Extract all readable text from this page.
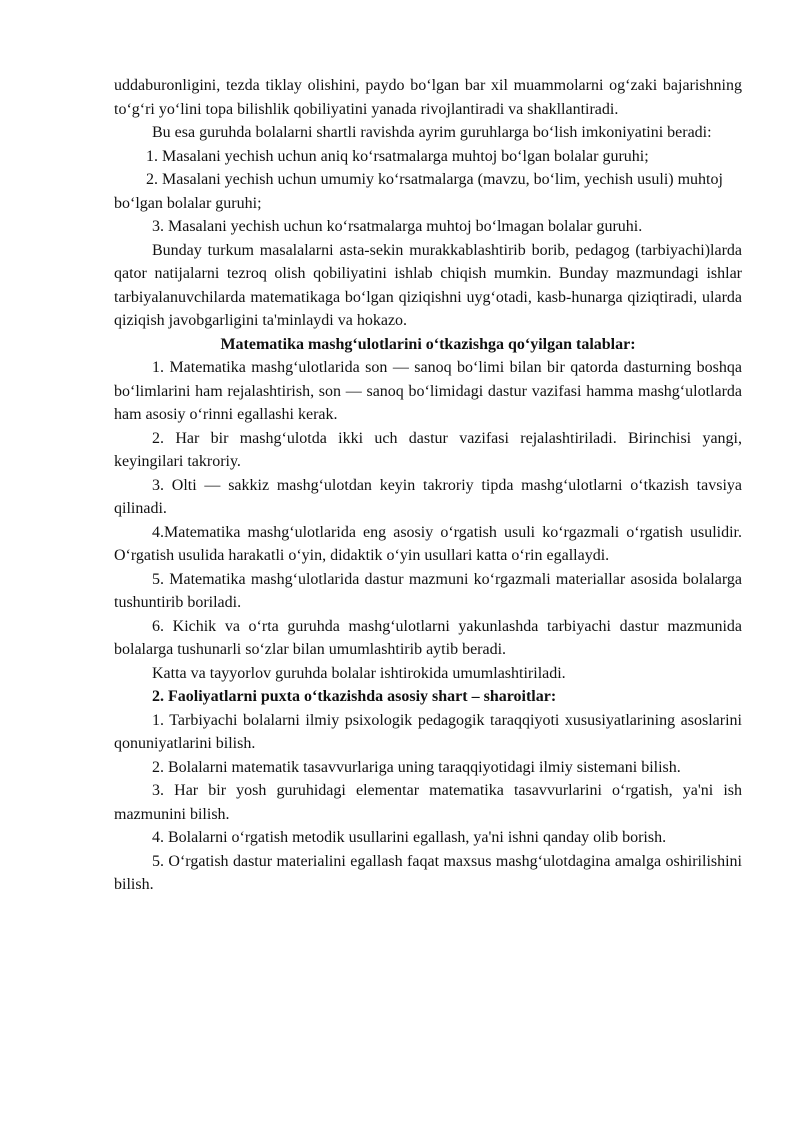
uddaburonligini, tezda tiklay olishini, paydo bo‘lgan bar xil muammolarni og‘zaki bajarishning to‘g‘ri yo‘lini topa bilishlik qobiliyatini yanada rivojlantiradi va shakllantiradi.

Bu esa guruhda bolalarni shartli ravishda ayrim guruhlarga bo‘lish imkoniyatini beradi:

1. Masalani yechish uchun aniq ko‘rsatmalarga muhtoj bo‘lgan bolalar guruhi;

2. Masalani yechish uchun umumiy ko‘rsatmalarga (mavzu, bo‘lim, yechish usuli) muhtoj bo‘lgan bolalar guruhi;

3. Masalani yechish uchun ko‘rsatmalarga muhtoj bo‘lmagan bolalar guruhi.

Bunday turkum masalalarni asta-sekin murakkablashtirib borib, pedagog (tarbiyachi)larda qator natijalarni tezroq olish qobiliyatini ishlab chiqish mumkin. Bunday mazmundagi ishlar tarbiyalanuvchilarda matematikaga bo‘lgan qiziqishni uyg‘otadi, kasb-hunarga qiziqtiradi, ularda qiziqish javobgarligini ta'minlaydi va hokazo.

Matematika mashg‘ulotlarini o‘tkazishga qo‘yilgan talablar:

1. Matematika mashg‘ulotlarida son — sanoq bo‘limi bilan bir qatorda dasturning boshqa bo‘limlarini ham rejalashtirish, son — sanoq bo‘limidagi dastur vazifasi hamma mashg‘ulotlarda ham asosiy o‘rinni egallashi kerak.

2. Har bir mashg‘ulotda ikki uch dastur vazifasi rejalashtiriladi. Birinchisi yangi, keyingilari takroriy.

3. Olti — sakkiz mashg‘ulotdan keyin takroriy tipda mashg‘ulotlarni o‘tkazish tavsiya qilinadi.

4.Matematika mashg‘ulotlarida eng asosiy o‘rgatish usuli ko‘rgazmali o‘rgatish usulidir. O‘rgatish usulida harakatli o‘yin, didaktik o‘yin usullari katta o‘rin egallaydi.

5. Matematika mashg‘ulotlarida dastur mazmuni ko‘rgazmali materiallar asosida bolalarga tushuntirib boriladi.

6. Kichik va o‘rta guruhda mashg‘ulotlarni yakunlashda tarbiyachi dastur mazmunida bolalarga tushunarli so‘zlar bilan umumlashtirib aytib beradi.

Katta va tayyorlov guruhda bolalar ishtirokida umumlashtiriladi.

2. Faoliyatlarni puxta o‘tkazishda asosiy shart – sharoitlar:

1. Tarbiyachi bolalarni ilmiy psixologik pedagogik taraqqiyoti xususiyatlarining asoslarini qonuniyatlarini bilish.

2. Bolalarni matematik tasavvurlariga uning taraqqiyotidagi ilmiy sistemani bilish.

3. Har bir yosh guruhidagi elementar matematika tasavvurlarini o‘rgatish, ya'ni ish mazmunini bilish.

4. Bolalarni o‘rgatish metodik usullarini egallash, ya'ni ishni qanday olib borish.

5. O‘rgatish dastur materialini egallash faqat maxsus mashg‘ulotdagina amalga oshirilishini bilish.
